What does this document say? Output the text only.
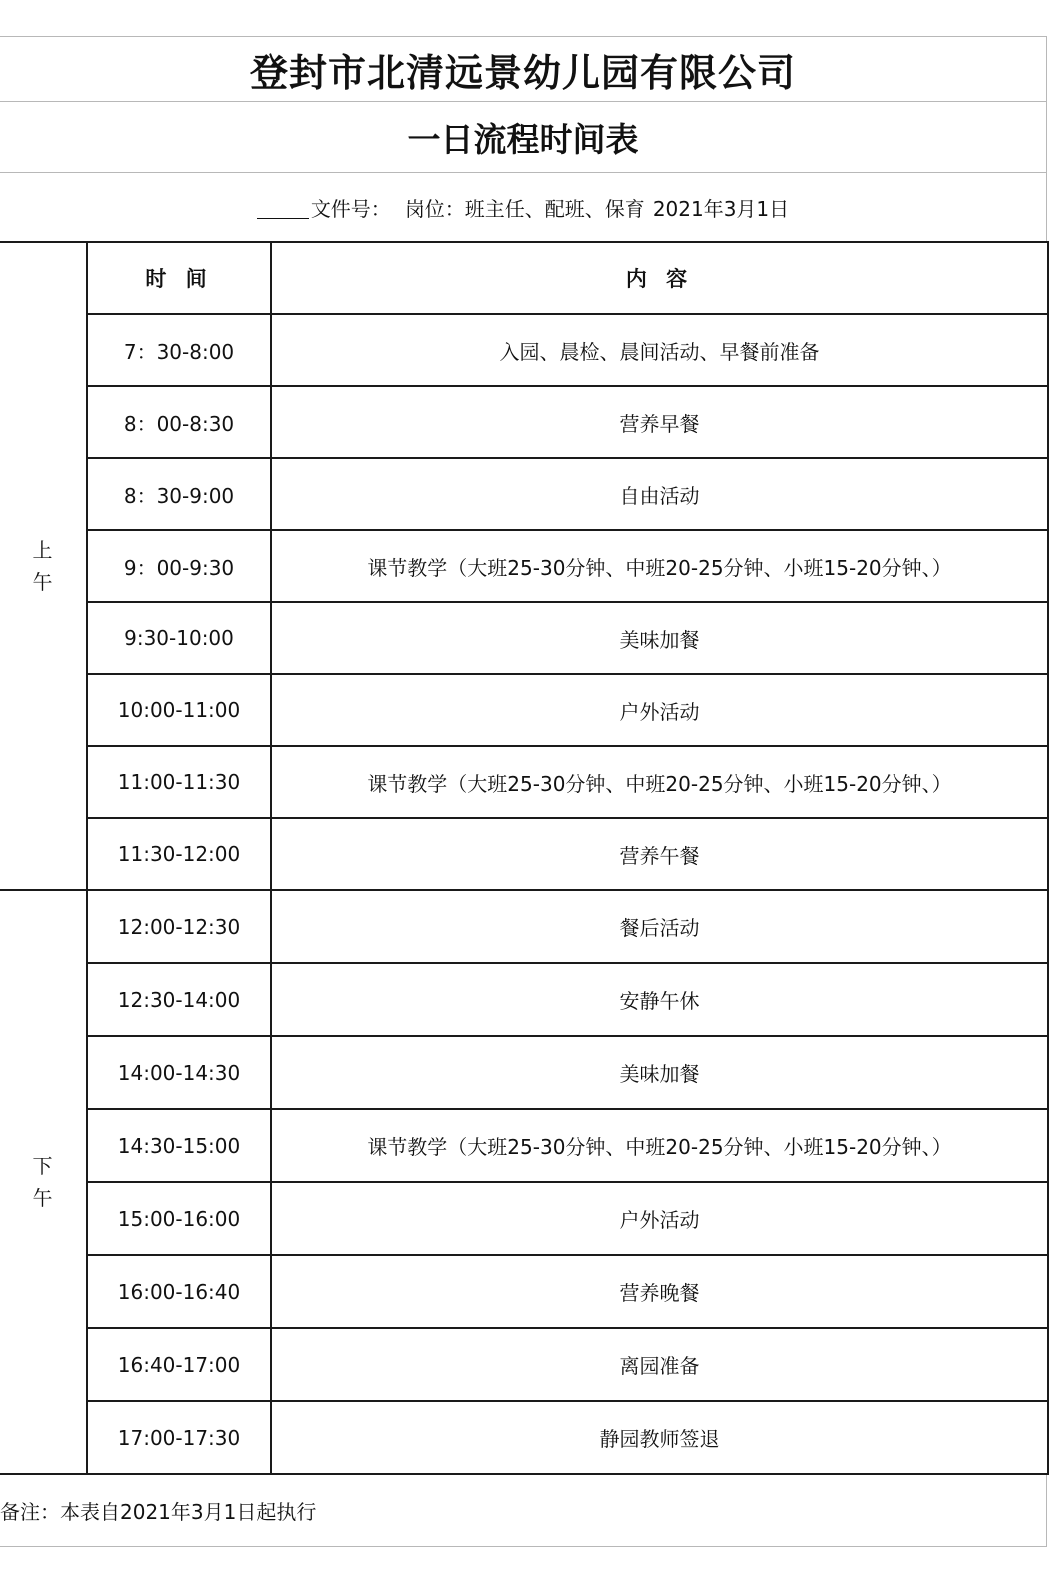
登封市北清远景幼儿园有限公司
一日流程时间表
文件号： 岗位：班主任、配班、保育 2021年3月1日
上
午	时 间	内 容
	7：30-8:00	入园、晨检、晨间活动、早餐前准备
	8：00-8:30	营养早餐
	8：30-9:00	自由活动
	9：00-9:30	课节教学（大班25-30分钟、中班20-25分钟、小班15-20分钟、）
	9:30-10:00	美味加餐
	10:00-11:00	户外活动
	11:00-11:30	课节教学（大班25-30分钟、中班20-25分钟、小班15-20分钟、）
	11:30-12:00	营养午餐

下
午	12:00-12:30	餐后活动
	12:30-14:00	安静午休
	14:00-14:30	美味加餐
	14:30-15:00	课节教学（大班25-30分钟、中班20-25分钟、小班15-20分钟、）
	15:00-16:00	户外活动
	16:00-16:40	营养晚餐
	16:40-17:00	离园准备
	17:00-17:30	静园教师签退
备注：本表自2021年3月1日起执行
